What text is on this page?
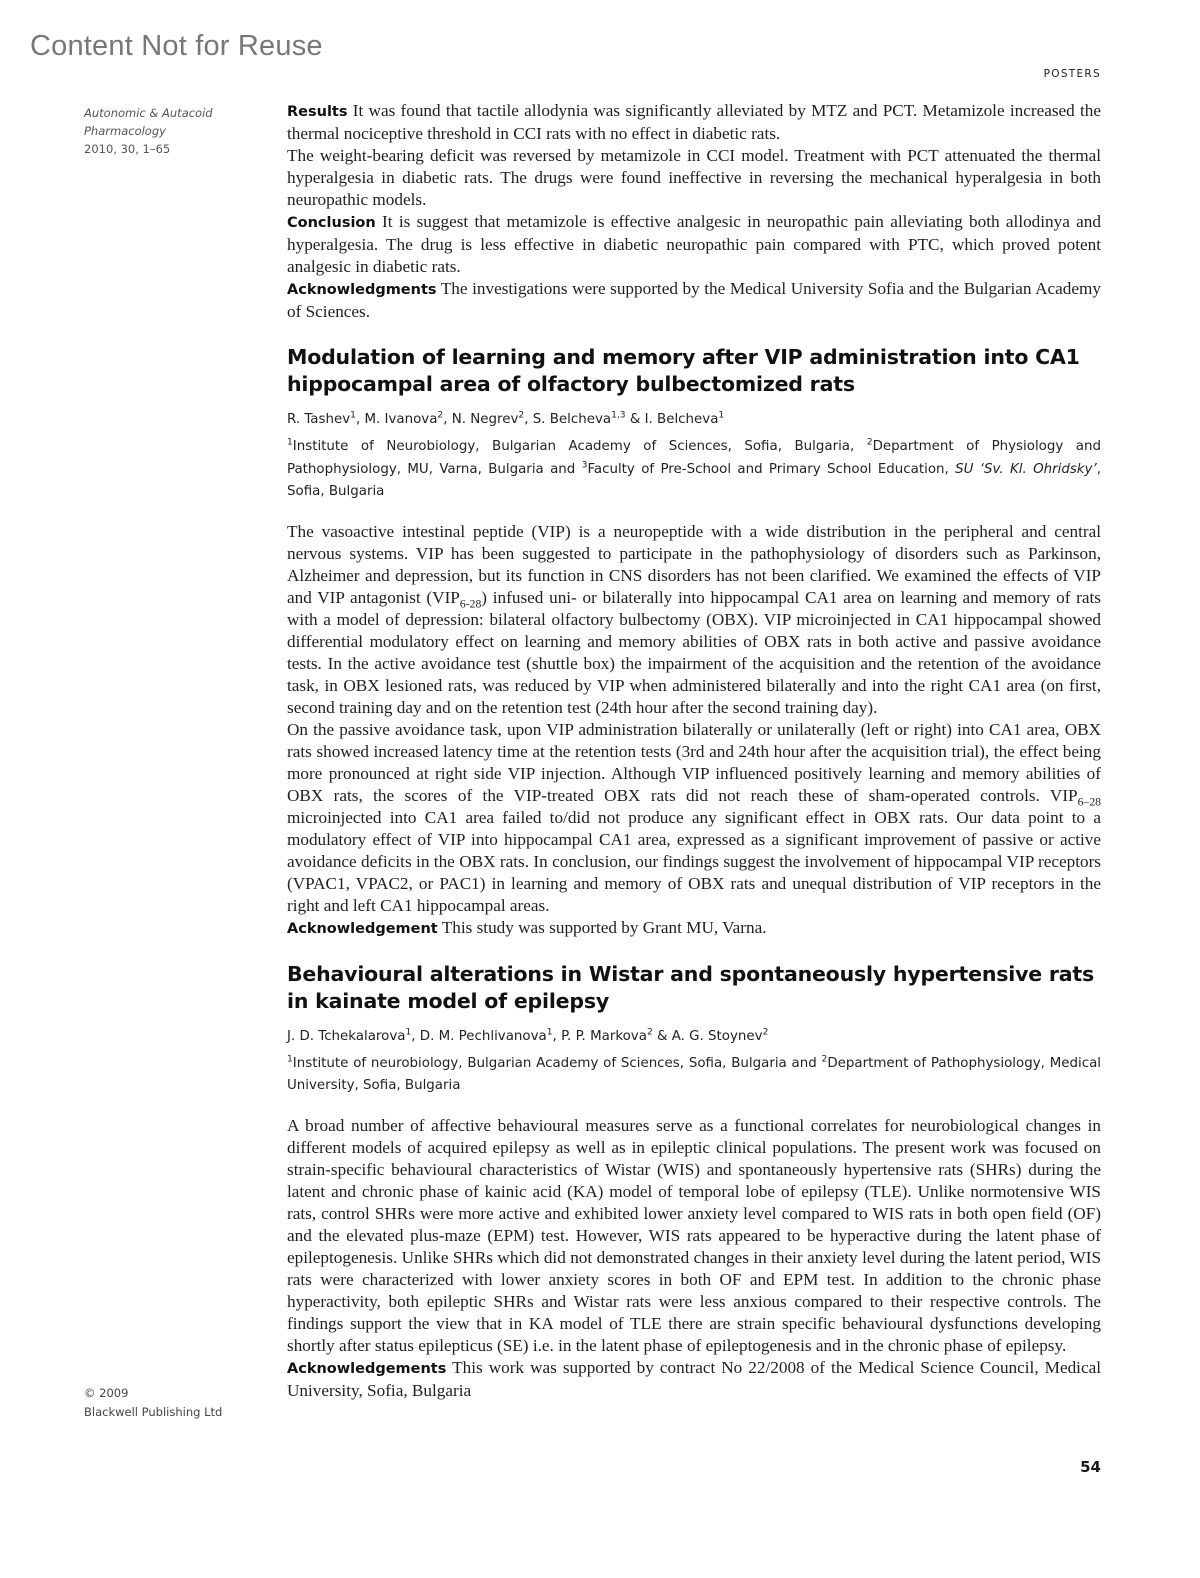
Content Not for Reuse
POSTERS
Autonomic & Autacoid
Pharmacology
2010, 30, 1–65
© 2009
Blackwell Publishing Ltd
54

Results It was found that tactile allodynia was significantly alleviated by MTZ and PCT. Metamizole increased the thermal nociceptive threshold in CCI rats with no effect in diabetic rats.

The weight-bearing deficit was reversed by metamizole in CCI model. Treatment with PCT attenuated the thermal hyperalgesia in diabetic rats. The drugs were found ineffective in reversing the mechanical hyperalgesia in both neuropathic models.

Conclusion It is suggest that metamizole is effective analgesic in neuropathic pain alleviating both allodinya and hyperalgesia. The drug is less effective in diabetic neuropathic pain compared with PTC, which proved potent analgesic in diabetic rats.

Acknowledgments The investigations were supported by the Medical University Sofia and the Bulgarian Academy of Sciences.

Modulation of learning and memory after VIP administration into CA1 hippocampal area of olfactory bulbectomized rats
R. Tashev$^1$, M. Ivanova$^2$, N. Negrev$^2$, S. Belcheva$^{1,3}$ & I. Belcheva$^1$
$^1$Institute of Neurobiology, Bulgarian Academy of Sciences, Sofia, Bulgaria, $^2$Department of Physiology and Pathophysiology, MU, Varna, Bulgaria and $^3$Faculty of Pre-School and Primary School Education, SU ‘Sv. Kl. Ohridsky’, Sofia, Bulgaria

The vasoactive intestinal peptide (VIP) is a neuropeptide with a wide distribution in the peripheral and central nervous systems. VIP has been suggested to participate in the pathophysiology of disorders such as Parkinson, Alzheimer and depression, but its function in CNS disorders has not been clarified. We examined the effects of VIP and VIP antagonist $(VIP_{6-28})$ infused uni- or bilaterally into hippocampal CA1 area on learning and memory of rats with a model of depression: bilateral olfactory bulbectomy (OBX). VIP microinjected in CA1 hippocampal showed differential modulatory effect on learning and memory abilities of OBX rats in both active and passive avoidance tests. In the active avoidance test (shuttle box) the impairment of the acquisition and the retention of the avoidance task, in OBX lesioned rats, was reduced by VIP when administered bilaterally and into the right CA1 area (on first, second training day and on the retention test (24th hour after the second training day).

On the passive avoidance task, upon VIP administration bilaterally or unilaterally (left or right) into CA1 area, OBX rats showed increased latency time at the retention tests (3rd and 24th hour after the acquisition trial), the effect being more pronounced at right side VIP injection. Although VIP influenced positively learning and memory abilities of OBX rats, the scores of the VIP-treated OBX rats did not reach these of sham-operated controls. $VIP_{6-28}$ microinjected into CA1 area failed to/did not produce any significant effect in OBX rats. Our data point to a modulatory effect of VIP into hippocampal CA1 area, expressed as a significant improvement of passive or active avoidance deficits in the OBX rats. In conclusion, our findings suggest the involvement of hippocampal VIP receptors (VPAC1, VPAC2, or PAC1) in learning and memory of OBX rats and unequal distribution of VIP receptors in the right and left CA1 hippocampal areas.

Acknowledgement This study was supported by Grant MU, Varna.

Behavioural alterations in Wistar and spontaneously hypertensive rats in kainate model of epilepsy
J. D. Tchekalarova$^1$, D. M. Pechlivanova$^1$, P. P. Markova$^2$ & A. G. Stoynev$^2$
$^1$Institute of neurobiology, Bulgarian Academy of Sciences, Sofia, Bulgaria and $^2$Department of Pathophysiology, Medical University, Sofia, Bulgaria

A broad number of affective behavioural measures serve as a functional correlates for neurobiological changes in different models of acquired epilepsy as well as in epileptic clinical populations. The present work was focused on strain-specific behavioural characteristics of Wistar (WIS) and spontaneously hypertensive rats (SHRs) during the latent and chronic phase of kainic acid (KA) model of temporal lobe of epilepsy (TLE). Unlike normotensive WIS rats, control SHRs were more active and exhibited lower anxiety level compared to WIS rats in both open field (OF) and the elevated plus-maze (EPM) test. However, WIS rats appeared to be hyperactive during the latent phase of epileptogenesis. Unlike SHRs which did not demonstrated changes in their anxiety level during the latent period, WIS rats were characterized with lower anxiety scores in both OF and EPM test. In addition to the chronic phase hyperactivity, both epileptic SHRs and Wistar rats were less anxious compared to their respective controls. The findings support the view that in KA model of TLE there are strain specific behavioural dysfunctions developing shortly after status epilepticus (SE) i.e. in the latent phase of epileptogenesis and in the chronic phase of epilepsy.

Acknowledgements This work was supported by contract No 22/2008 of the Medical Science Council, Medical University, Sofia, Bulgaria
